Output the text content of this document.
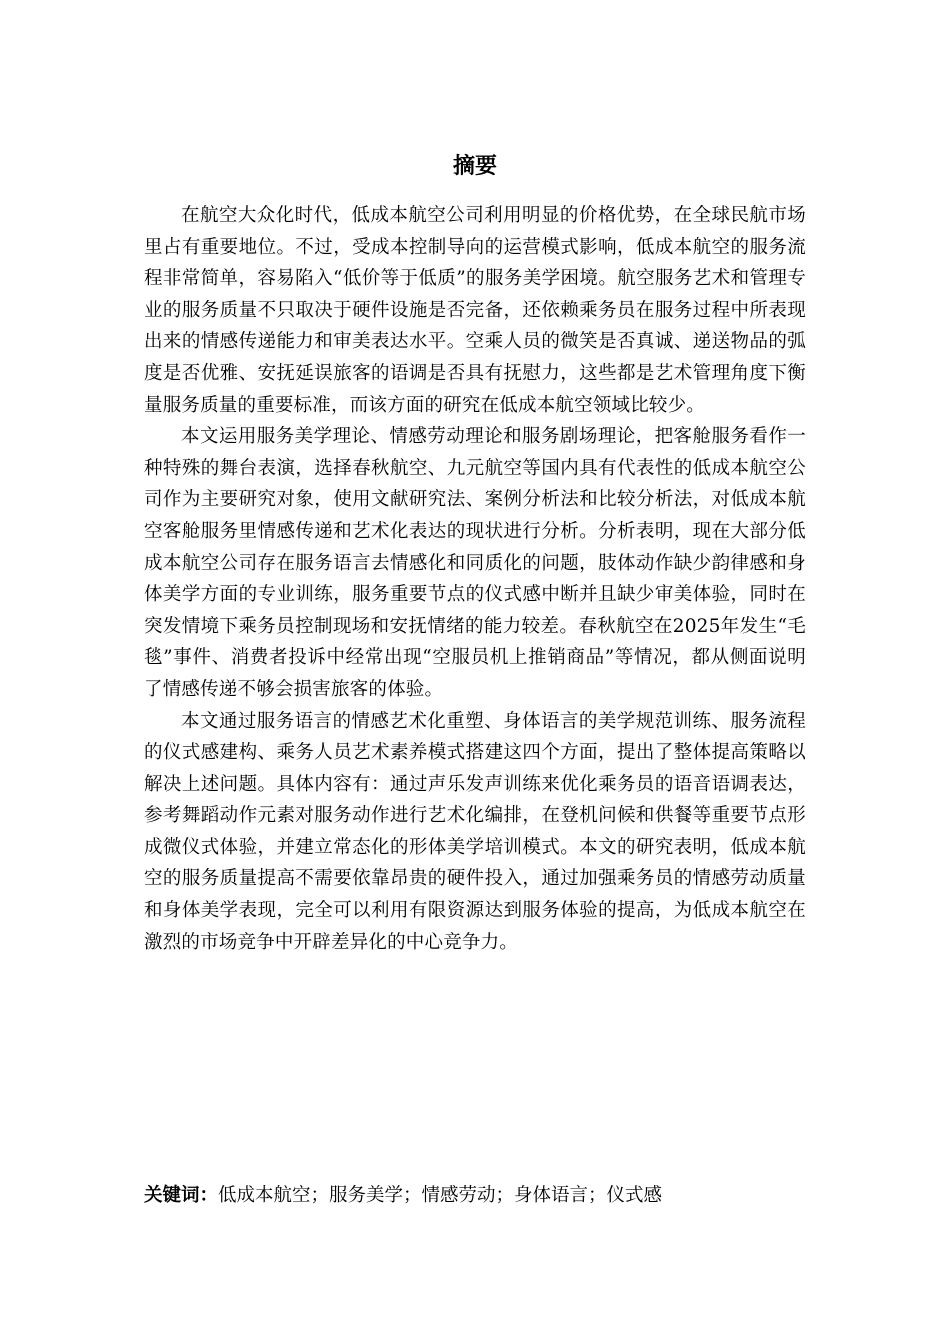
摘要

在航空大众化时代，低成本航空公司利用明显的价格优势，在全球民航市场里占有重要地位。不过，受成本控制导向的运营模式影响，低成本航空的服务流程非常简单，容易陷入“低价等于低质”的服务美学困境。航空服务艺术和管理专业的服务质量不只取决于硬件设施是否完备，还依赖乘务员在服务过程中所表现出来的情感传递能力和审美表达水平。空乘人员的微笑是否真诚、递送物品的弧度是否优雅、安抚延误旅客的语调是否具有抚慰力，这些都是艺术管理角度下衡量服务质量的重要标准，而该方面的研究在低成本航空领域比较少。

本文运用服务美学理论、情感劳动理论和服务剧场理论，把客舱服务看作一种特殊的舞台表演，选择春秋航空、九元航空等国内具有代表性的低成本航空公司作为主要研究对象，使用文献研究法、案例分析法和比较分析法，对低成本航空客舱服务里情感传递和艺术化表达的现状进行分析。分析表明，现在大部分低成本航空公司存在服务语言去情感化和同质化的问题，肢体动作缺少韵律感和身体美学方面的专业训练，服务重要节点的仪式感中断并且缺少审美体验，同时在突发情境下乘务员控制现场和安抚情绪的能力较差。春秋航空在2025年发生“毛毯”事件、消费者投诉中经常出现“空服员机上推销商品”等情况，都从侧面说明了情感传递不够会损害旅客的体验。

本文通过服务语言的情感艺术化重塑、身体语言的美学规范训练、服务流程的仪式感建构、乘务人员艺术素养模式搭建这四个方面，提出了整体提高策略以解决上述问题。具体内容有：通过声乐发声训练来优化乘务员的语音语调表达，参考舞蹈动作元素对服务动作进行艺术化编排，在登机问候和供餐等重要节点形成微仪式体验，并建立常态化的形体美学培训模式。本文的研究表明，低成本航空的服务质量提高不需要依靠昂贵的硬件投入，通过加强乘务员的情感劳动质量和身体美学表现，完全可以利用有限资源达到服务体验的提高，为低成本航空在激烈的市场竞争中开辟差异化的中心竞争力。

关键词：低成本航空；服务美学；情感劳动；身体语言；仪式感
